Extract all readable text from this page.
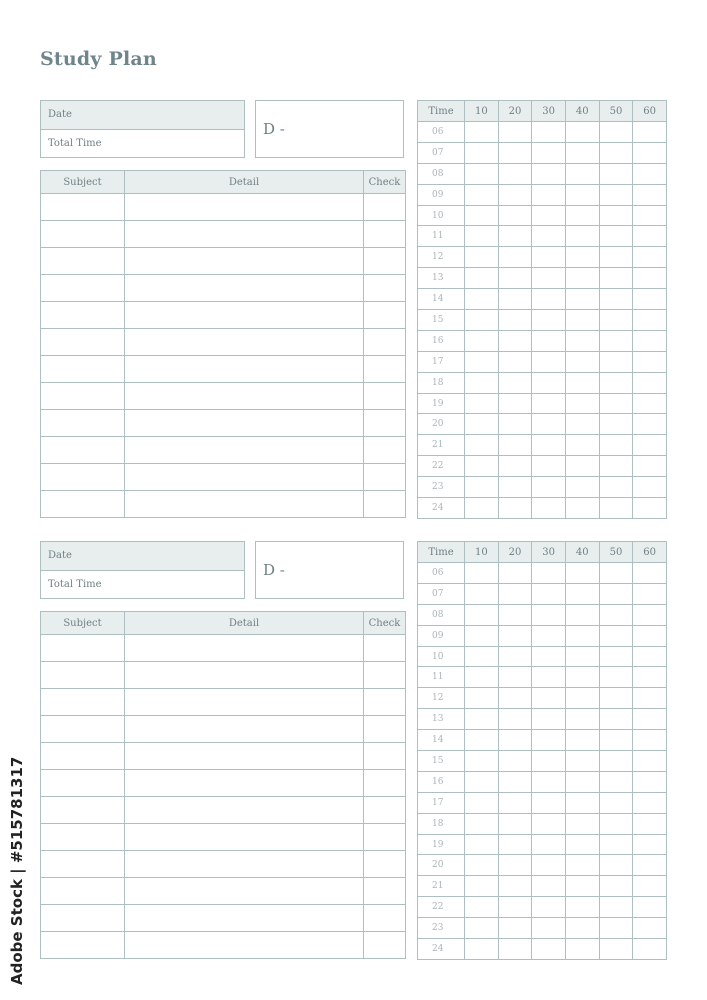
Study Plan
Date
Total Time
D -
Subject	Detail	Check

Time	10	20	30	40	50	60
06						
07						
08						
09						
10						
11						
12						
13						
14						
15						
16						
17						
18						
19						
20						
21						
22						
23						
24						
Date
Total Time
D -
Subject	Detail	Check

Time	10	20	30	40	50	60
06						
07						
08						
09						
10						
11						
12						
13						
14						
15						
16						
17						
18						
19						
20						
21						
22						
23						
24						
Adobe Stock | #515781317
